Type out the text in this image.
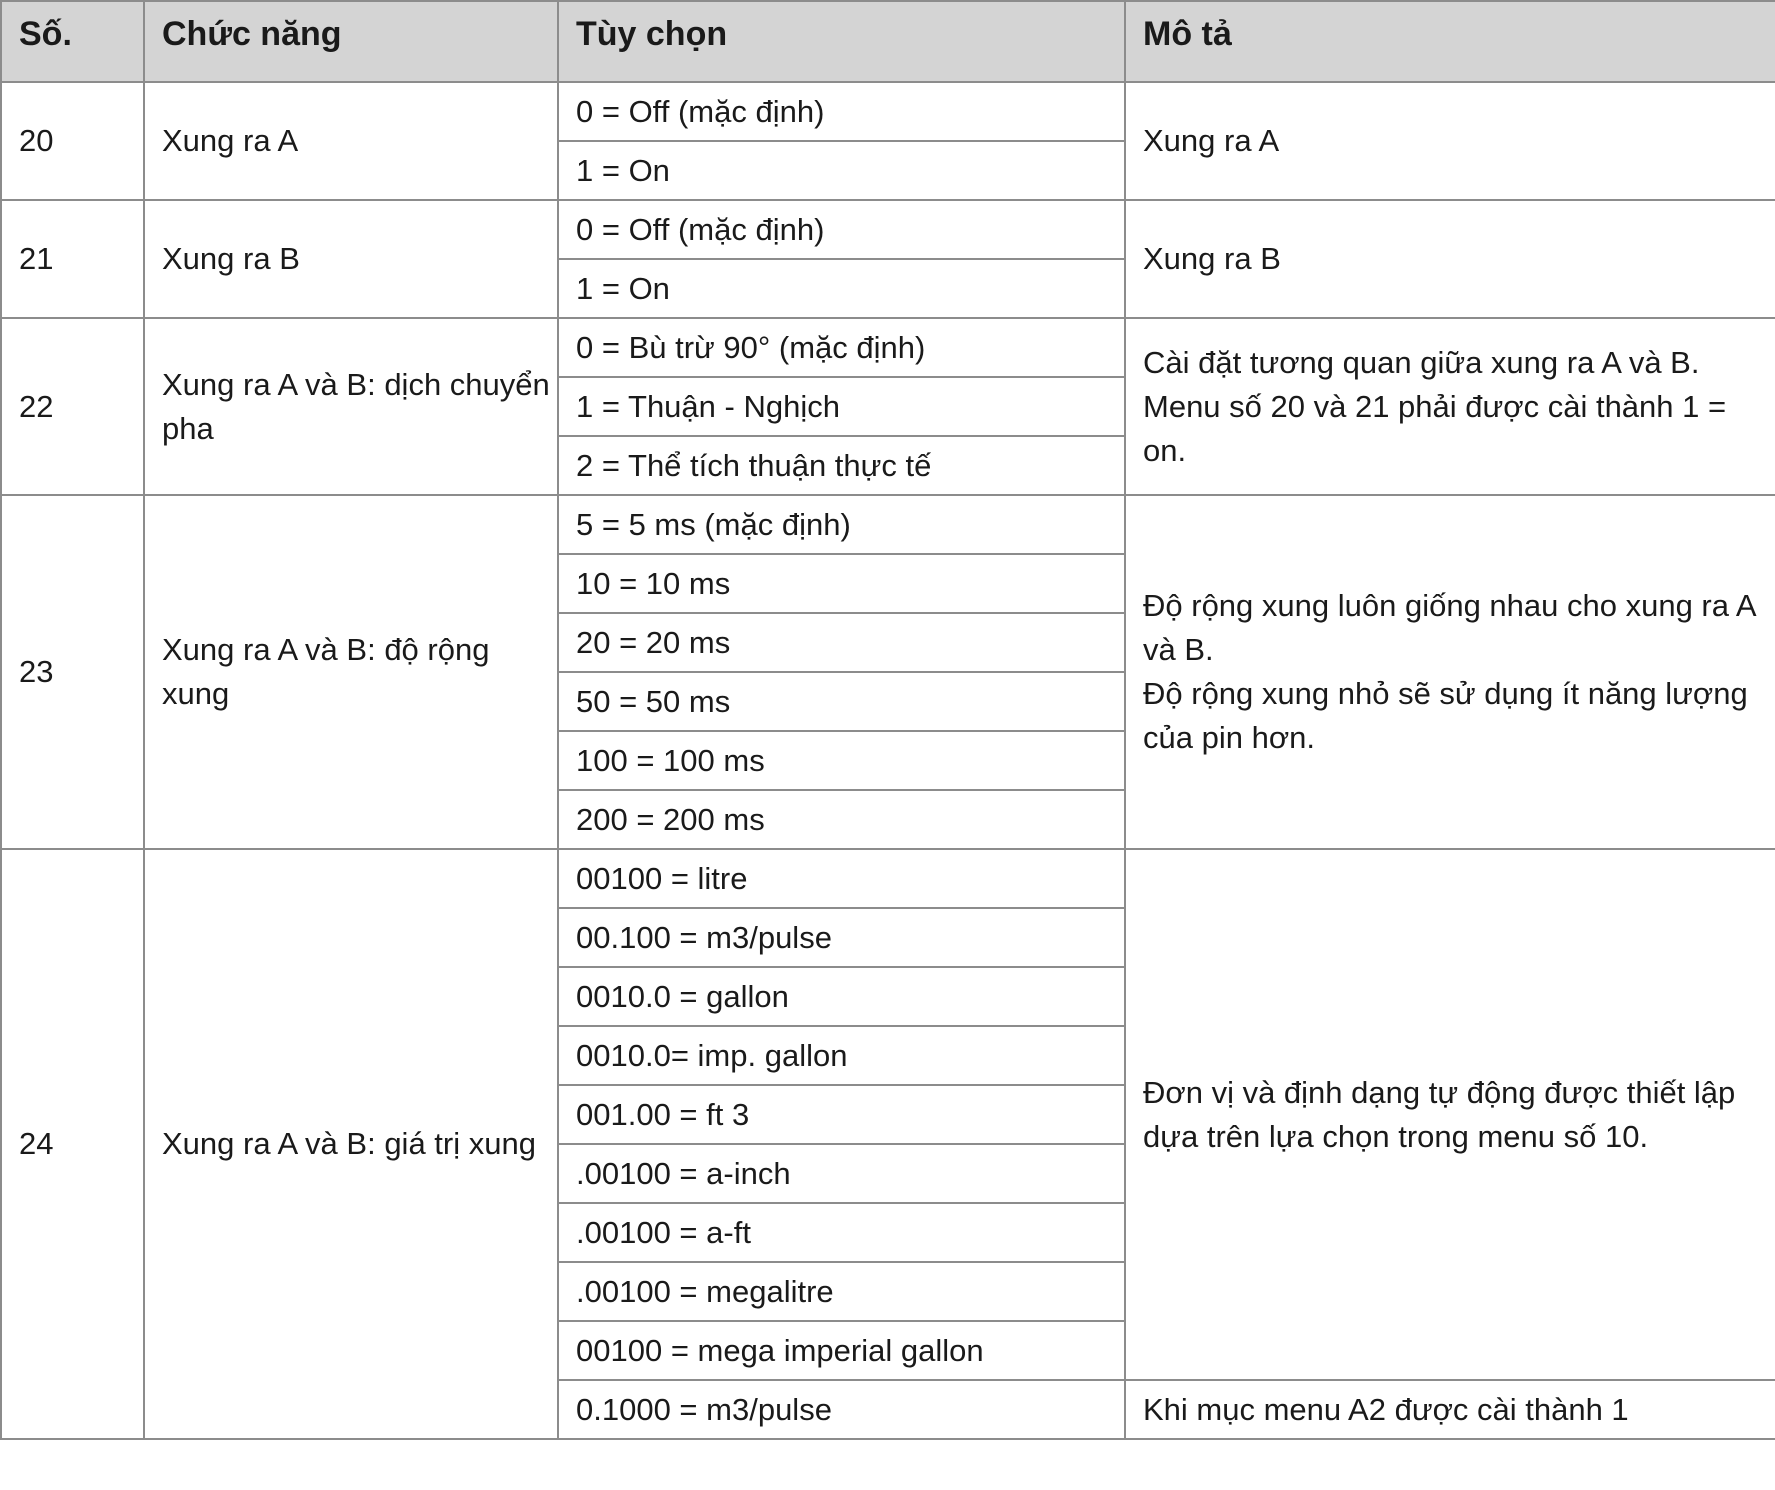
Số.	Chức năng	Tùy chọn	Mô tả
20	Xung ra A	0 = Off (mặc định)	Xung ra A
		1 = On	
21	Xung ra B	0 = Off (mặc định)	Xung ra B
		1 = On	
22	Xung ra A và B: dịch chuyển pha	0 = Bù trừ 90° (mặc định)	Cài đặt tương quan giữa xung ra A và B. Menu số 20 và 21 phải được cài thành 1 = on.
		1 = Thuận - Nghịch	
		2 = Thể tích thuận thực tế	
23	Xung ra A và B: độ rộng xung	5 = 5 ms (mặc định)	Độ rộng xung luôn giống nhau cho xung ra A và B.
Độ rộng xung nhỏ sẽ sử dụng ít năng lượng của pin hơn.

		10 = 10 ms	
		20 = 20 ms	
		50 = 50 ms	
		100 = 100 ms	
		200 = 200 ms	
24	Xung ra A và B: giá trị xung	00100 = litre	Đơn vị và định dạng tự động được thiết lập dựa trên lựa chọn trong menu số 10.
		00.100 = m3/pulse	
		0010.0 = gallon	
		0010.0= imp. gallon	
		001.00 = ft 3	
		.00100 = a-inch	
		.00100 = a-ft	
		.00100 = megalitre	
		00100 = mega imperial gallon	
		0.1000 = m3/pulse	Khi mục menu A2 được cài thành 1
